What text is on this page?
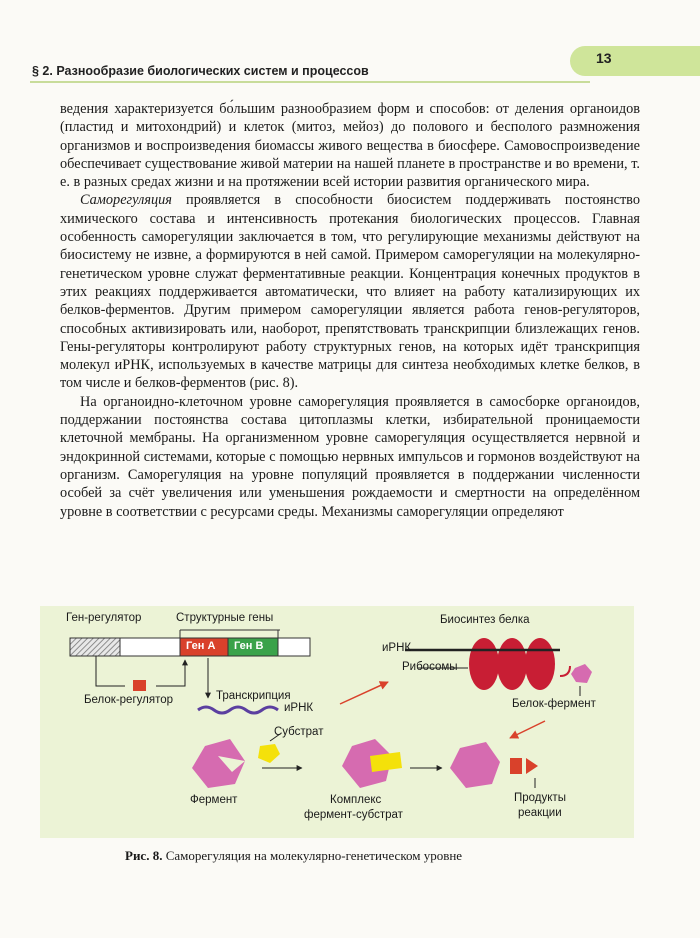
13
§ 2. Разнообразие биологических систем и процессов

ведения характеризуется бо́льшим разнообразием форм и способов: от деления органоидов (пластид и митохондрий) и клеток (митоз, мейоз) до полового и бесполого размножения организмов и воспроизведения биомассы живого вещества в биосфере. Самовоспроизведение обеспечивает существование живой материи на нашей планете в пространстве и во времени, т. е. в разных средах жизни и на протяжении всей истории развития органического мира.

Саморегуляция проявляется в способности биосистем поддерживать постоянство химического состава и интенсивность протекания биологических процессов. Главная особенность саморегуляции заключается в том, что регулирующие механизмы действуют на биосистему не извне, а формируются в ней самой. Примером саморегуляции на молекулярно-генетическом уровне служат ферментативные реакции. Концентрация конечных продуктов в этих реакциях поддерживается автоматически, что влияет на работу катализирующих их белков-ферментов. Другим примером саморегуляции является работа генов-регуляторов, способных активизировать или, наоборот, препятствовать транскрипции близлежащих генов. Гены-регуляторы контролируют работу структурных генов, на которых идёт транскрипция молекул иРНК, используемых в качестве матрицы для синтеза необходимых клетке белков, в том числе и белков-ферментов (рис. 8).

На органоидно-клеточном уровне саморегуляция проявляется в самосборке органоидов, поддержании постоянства состава цитоплазмы клетки, избирательной проницаемости клеточной мембраны. На организменном уровне саморегуляция осуществляется нервной и эндокринной системами, которые с помощью нервных импульсов и гормонов воздействуют на организм. Саморегуляция на уровне популяций проявляется в поддержании численности особей за счёт увеличения или уменьшения рождаемости и смертности на определённом уровне в соответствии с ресурсами среды. Механизмы саморегуляции определяют

Ген-регулятор	Структурные гены
Ген А Ген В
Белок-регулятор	Транскрипция
иРНК
Биосинтез белка
иРНК
Рибосомы
Белок-фермент
Субстрат
Фермент	Комплекс
фермент-субстрат
Продукты
реакции
Рис. 8. Саморегуляция на молекулярно-генетическом уровне
